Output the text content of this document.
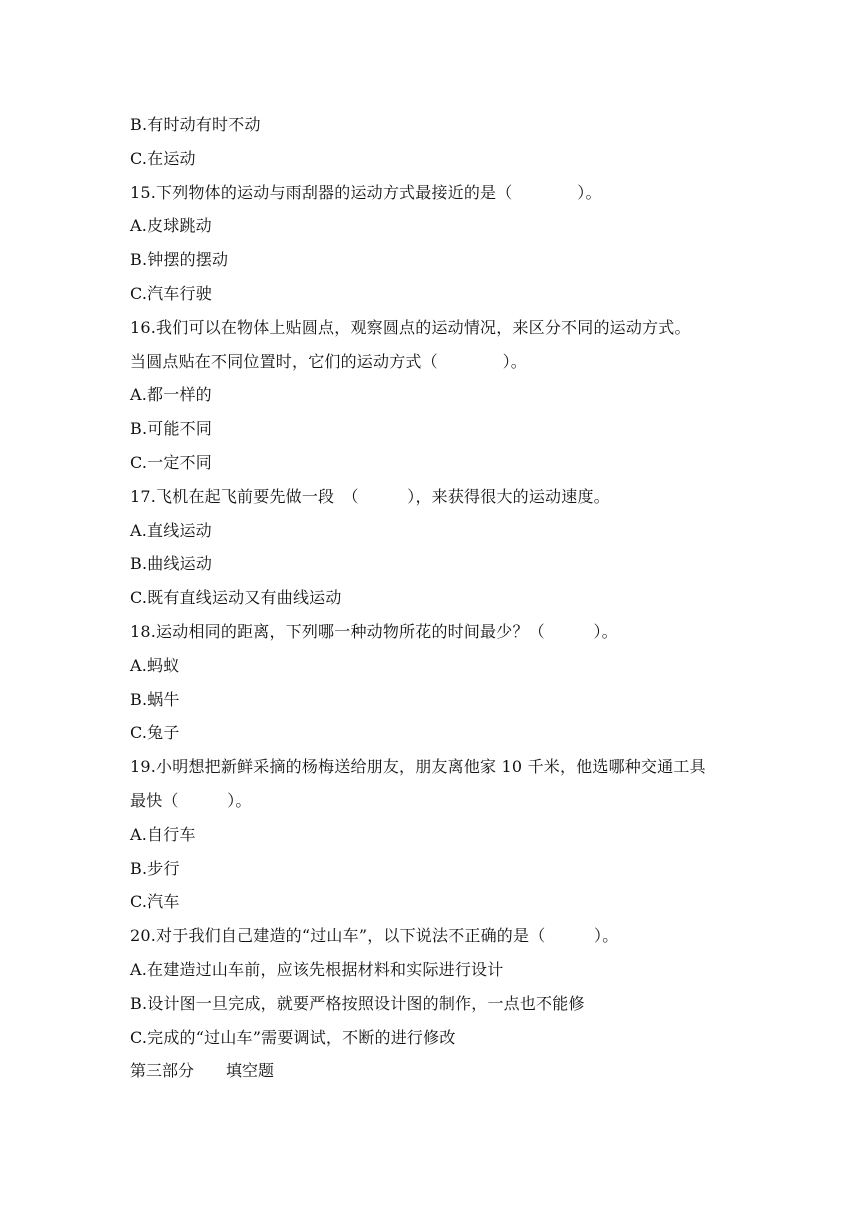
B.有时动有时不动
C.在运动
15.下列物体的运动与雨刮器的运动方式最接近的是（　　　　）。
A.皮球跳动
B.钟摆的摆动
C.汽车行驶
16.我们可以在物体上贴圆点，观察圆点的运动情况，来区分不同的运动方式。
当圆点贴在不同位置时，它们的运动方式（　　　　）。
A.都一样的
B.可能不同
C.一定不同
17.飞机在起飞前要先做一段　（　　　），来获得很大的运动速度。
A.直线运动
B.曲线运动
C.既有直线运动又有曲线运动
18.运动相同的距离，下列哪一种动物所花的时间最少？（　　　）。
A.蚂蚁
B.蜗牛
C.兔子
19.小明想把新鲜采摘的杨梅送给朋友，朋友离他家 10 千米，他选哪种交通工具
最快（　　　）。
A.自行车
B.步行
C.汽车
20.对于我们自己建造的“过山车”，以下说法不正确的是（　　　）。
A.在建造过山车前，应该先根据材料和实际进行设计
B.设计图一旦完成，就要严格按照设计图的制作，一点也不能修
C.完成的“过山车”需要调试，不断的进行修改
第三部分　　填空题
